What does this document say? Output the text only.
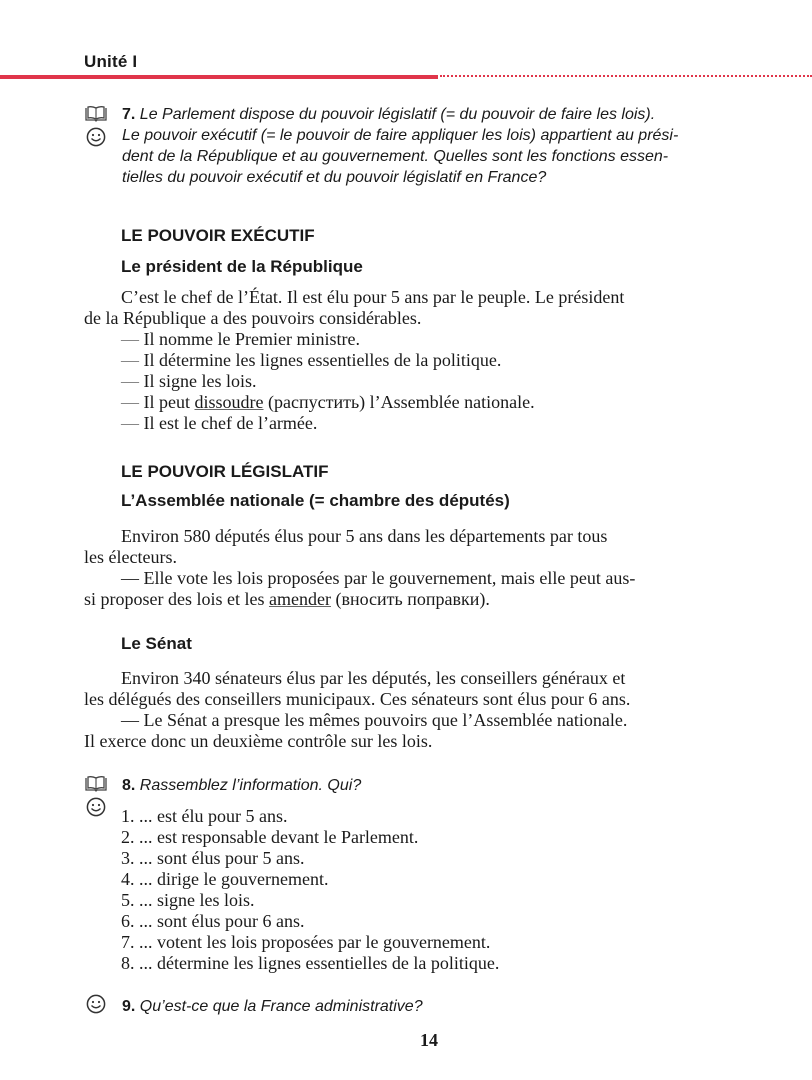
Unité I
7. Le Parlement dispose du pouvoir législatif (= du pouvoir de faire les lois).
Le pouvoir exécutif (= le pouvoir de faire appliquer les lois) appartient au prési-
dent de la République et au gouvernement. Quelles sont les fonctions essen-
tielles du pouvoir exécutif et du pouvoir législatif en France?
LE POUVOIR EXÉCUTIF
Le président de la République
C’est le chef de l’État. Il est élu pour 5 ans par le peuple. Le président
de la République a des pouvoirs considérables.
— Il nomme le Premier ministre.
— Il détermine les lignes essentielles de la politique.
— Il signe les lois.
— Il peut dissoudre (распустить) l’Assemblée nationale.
— Il est le chef de l’armée.
LE POUVOIR LÉGISLATIF
L’Assemblée nationale (= chambre des députés)
Environ 580 députés élus pour 5 ans dans les départements par tous
les électeurs.
— Elle vote les lois proposées par le gouvernement, mais elle peut aus-
si proposer des lois et les amender (вносить поправки).
Le Sénat
Environ 340 sénateurs élus par les députés, les conseillers généraux et
les délégués des conseillers municipaux. Ces sénateurs sont élus pour 6 ans.
— Le Sénat a presque les mêmes pouvoirs que l’Assemblée nationale.
Il exerce donc un deuxième contrôle sur les lois.
8. Rassemblez l’information. Qui?
1. ... est élu pour 5 ans.
2. ... est responsable devant le Parlement.
3. ... sont élus pour 5 ans.
4. ... dirige le gouvernement.
5. ... signe les lois.
6. ... sont élus pour 6 ans.
7. ... votent les lois proposées par le gouvernement.
8. ... détermine les lignes essentielles de la politique.
9. Qu’est-ce que la France administrative?
14
